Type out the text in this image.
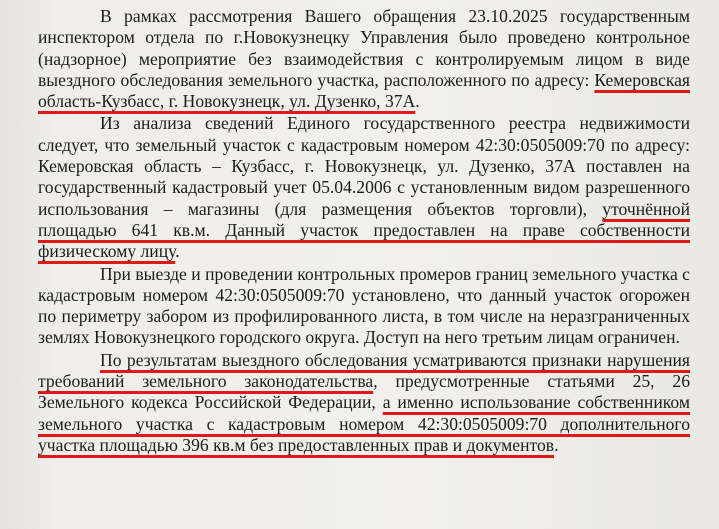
В рамках рассмотрения Вашего обращения 23.10.2025 государственным инспектором отдела по г.Новокузнецку Управления было проведено контрольное (надзорное) мероприятие без взаимодействия с контролируемым лицом в виде выездного обследования земельного участка, расположенного по адресу: Кемеровская область-Кузбасс, г. Новокузнецк, ул. Дузенко, 37А.

Из анализа сведений Единого государственного реестра недвижимости следует, что земельный участок с кадастровым номером 42:30:0505009:70 по адресу: Кемеровская область – Кузбасс, г. Новокузнецк, ул. Дузенко, 37А поставлен на государственный кадастровый учет 05.04.2006 с установленным видом разрешенного использования – магазины (для размещения объектов торговли), уточнённой площадью 641 кв.м. Данный участок предоставлен на праве собственности физическому лицу.

При выезде и проведении контрольных промеров границ земельного участка с кадастровым номером 42:30:0505009:70 установлено, что данный участок огорожен по периметру забором из профилированного листа, в том числе на неразграниченных землях Новокузнецкого городского округа. Доступ на него третьим лицам ограничен.

По результатам выездного обследования усматриваются признаки нарушения требований земельного законодательства, предусмотренные статьями 25, 26 Земельного кодекса Российской Федерации, а именно использование собственником земельного участка с кадастровым номером 42:30:0505009:70 дополнительного участка площадью 396 кв.м без предоставленных прав и документов.
